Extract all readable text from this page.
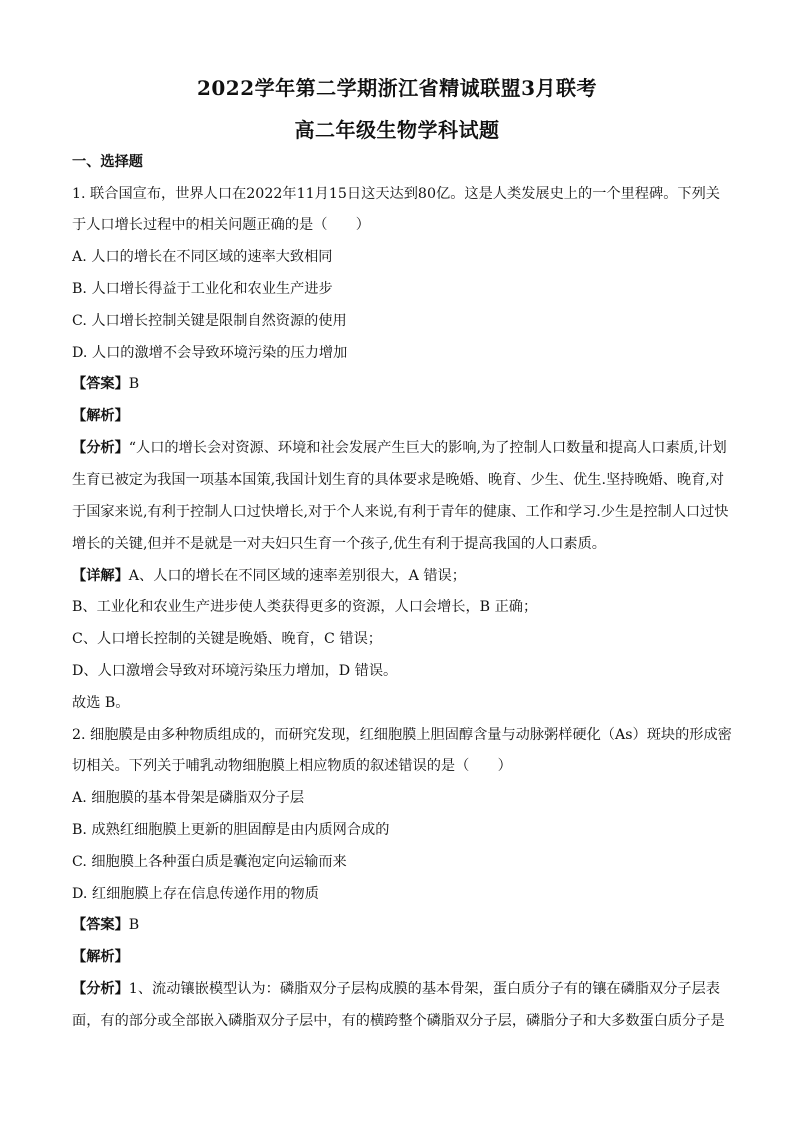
2022学年第二学期浙江省精诚联盟3月联考
高二年级生物学科试题
一、选择题
1. 联合国宣布，世界人口在2022年11月15日这天达到80亿。这是人类发展史上的一个里程碑。下列关
于人口增长过程中的相关问题正确的是（　　）
A. 人口的增长在不同区域的速率大致相同
B. 人口增长得益于工业化和农业生产进步
C. 人口增长控制关键是限制自然资源的使用
D. 人口的激增不会导致环境污染的压力增加
【答案】B
【解析】
【分析】“人口的增长会对资源、环境和社会发展产生巨大的影响,为了控制人口数量和提高人口素质,计划
生育已被定为我国一项基本国策,我国计划生育的具体要求是晚婚、晚育、少生、优生.坚持晚婚、晚育,对
于国家来说,有利于控制人口过快增长,对于个人来说,有利于青年的健康、工作和学习.少生是控制人口过快
增长的关键,但并不是就是一对夫妇只生育一个孩子,优生有利于提高我国的人口素质。
【详解】A、人口的增长在不同区域的速率差别很大，A 错误；
B、工业化和农业生产进步使人类获得更多的资源，人口会增长，B 正确；
C、人口增长控制的关键是晚婚、晚育，C 错误；
D、人口激增会导致对环境污染压力增加，D 错误。
故选 B。
2. 细胞膜是由多种物质组成的，而研究发现，红细胞膜上胆固醇含量与动脉粥样硬化（As）斑块的形成密
切相关。下列关于哺乳动物细胞膜上相应物质的叙述错误的是（　　）
A. 细胞膜的基本骨架是磷脂双分子层
B. 成熟红细胞膜上更新的胆固醇是由内质网合成的
C. 细胞膜上各种蛋白质是囊泡定向运输而来
D. 红细胞膜上存在信息传递作用的物质
【答案】B
【解析】
【分析】1、流动镶嵌模型认为：磷脂双分子层构成膜的基本骨架，蛋白质分子有的镶在磷脂双分子层表
面，有的部分或全部嵌入磷脂双分子层中，有的横跨整个磷脂双分子层，磷脂分子和大多数蛋白质分子是
